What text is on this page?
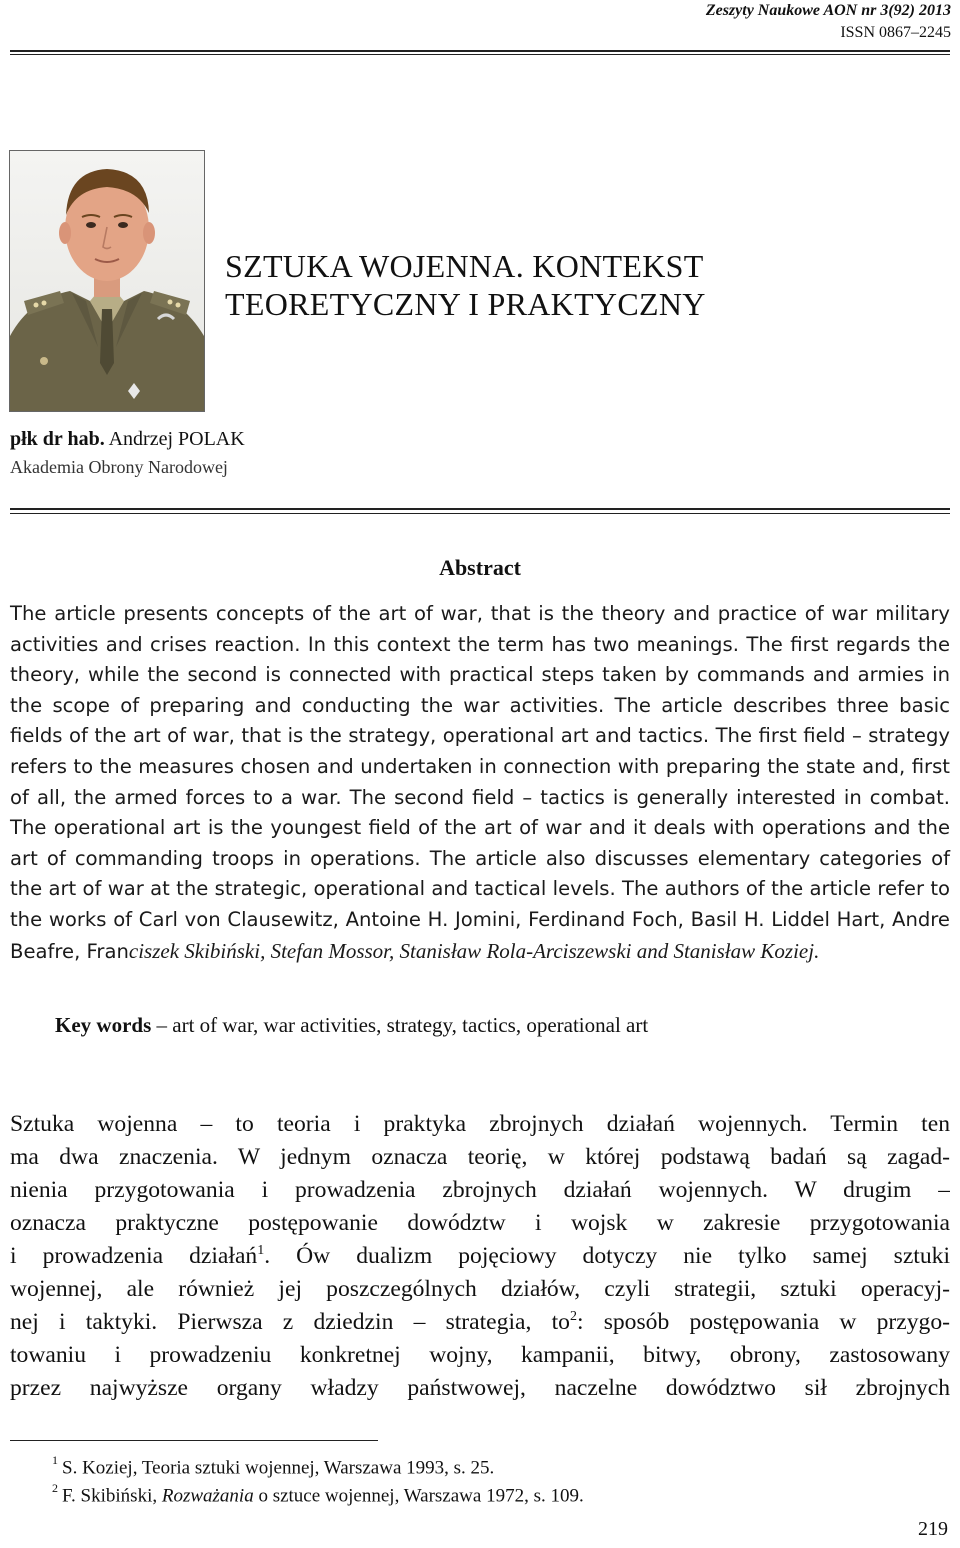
Zeszyty Naukowe AON nr 3(92) 2013
ISSN 0867–2245
SZTUKA WOJENNA. KONTEKST
TEORETYCZNY I PRAKTYCZNY
płk dr hab. Andrzej POLAK
Akademia Obrony Narodowej
Abstract
The article presents concepts of the art of war, that is the theory and practice of war military activities and crises reaction. In this context the term has two meanings. The first regards the theory, while the second is connected with practical steps taken by commands and armies in the scope of preparing and conducting the war activities. The article describes three basic fields of the art of war, that is the strategy, operational art and tactics. The first field – strategy refers to the measures chosen and undertaken in connection with preparing the state and, first of all, the armed forces to a war. The second field – tactics is generally interested in combat. The operational art is the youngest field of the art of war and it deals with operations and the art of commanding troops in operations. The article also discusses elementary categories of the art of war at the strategic, operational and tactical levels. The authors of the article refer to the works of Carl von Clausewitz, Antoine H. Jomini, Ferdinand Foch, Basil H. Liddel Hart, Andre Beafre, Franciszek Skibiński, Stefan Mossor, Stanisław Rola-Arciszewski and Stanisław Koziej.
Key words – art of war, war activities, strategy, tactics, operational art
Sztuka wojenna – to teoria i praktyka zbrojnych działań wojennych. Termin ten
ma dwa znaczenia. W jednym oznacza teorię, w której podstawą badań są zagad-
nienia przygotowania i prowadzenia zbrojnych działań wojennych. W drugim –
oznacza praktyczne postępowanie dowództw i wojsk w zakresie przygotowania
i prowadzenia działań$^1$. Ów dualizm pojęciowy dotyczy nie tylko samej sztuki
wojennej, ale również jej poszczególnych działów, czyli strategii, sztuki operacyj-
nej i taktyki. Pierwsza z dziedzin – strategia, $to^2$: sposób postępowania w przygo-
towaniu i prowadzeniu konkretnej wojny, kampanii, bitwy, obrony, zastosowany
przez najwyższe organy władzy państwowej, naczelne dowództwo sił zbrojnych
$^1$ S. Koziej, Teoria sztuki wojennej, Warszawa 1993, s. 25.
$^2$ F. Skibiński, Rozważania o sztuce wojennej, Warszawa 1972, s. 109.
219
